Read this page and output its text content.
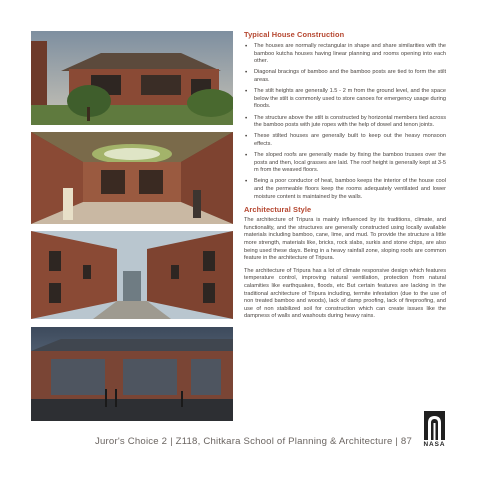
Typical House Construction
• The houses are normally rectangular in shape and share similarities with the bamboo kutcha houses having linear planning and rooms opening into each other.
• Diagonal bracings of bamboo and the bamboo posts are tied to form the stilt areas.
• The stilt heights are generally 1.5 - 2 m from the ground level, and the space below the stilt is commonly used to store canoes for emergency usage during floods.
• The structure above the stilt is constructed by horizontal members tied across the bamboo posts with jute ropes with the help of dowel and tenon joints.
• These stilted houses are generally built to keep out the heavy monsoon effects.
• The sloped roofs are generally made by fixing the bamboo trusses over the posts and then, local grasses are laid. The roof height is generally kept at 3-5 m from the weaved floors.
• Being a poor conductor of heat, bamboo keeps the interior of the house cool and the permeable floors keep the rooms adequately ventilated and lower moisture content is maintained by the walls.
Architectural Style

The architecture of Tripura is mainly influenced by its traditions, climate, and functionality, and the structures are generally constructed using locally available materials including bamboo, cane, lime, and mud. To provide the structure a little more strength, materials like, bricks, rock slabs, surkis and stone chips, are also being used these days. Being in a heavy rainfall zone, sloping roofs are common feature in the architecture of Tripura.

The architecture of Tripura has a lot of climate responsive design which features temperature control, improving natural ventilation, protection from natural calamities like earthquakes, floods, etc But certain features are lacking in the traditional architecture of Tripura including, termite infestation (due to the use of non treated bamboo and woods), lack of damp proofing, lack of fireproofing, and use of non stabilized soil for construction which can create issues like the dampness of walls and washouts during heavy rains.

Juror's Choice 2 | Z118, Chitkara School of Planning & Architecture | 87	NASA
